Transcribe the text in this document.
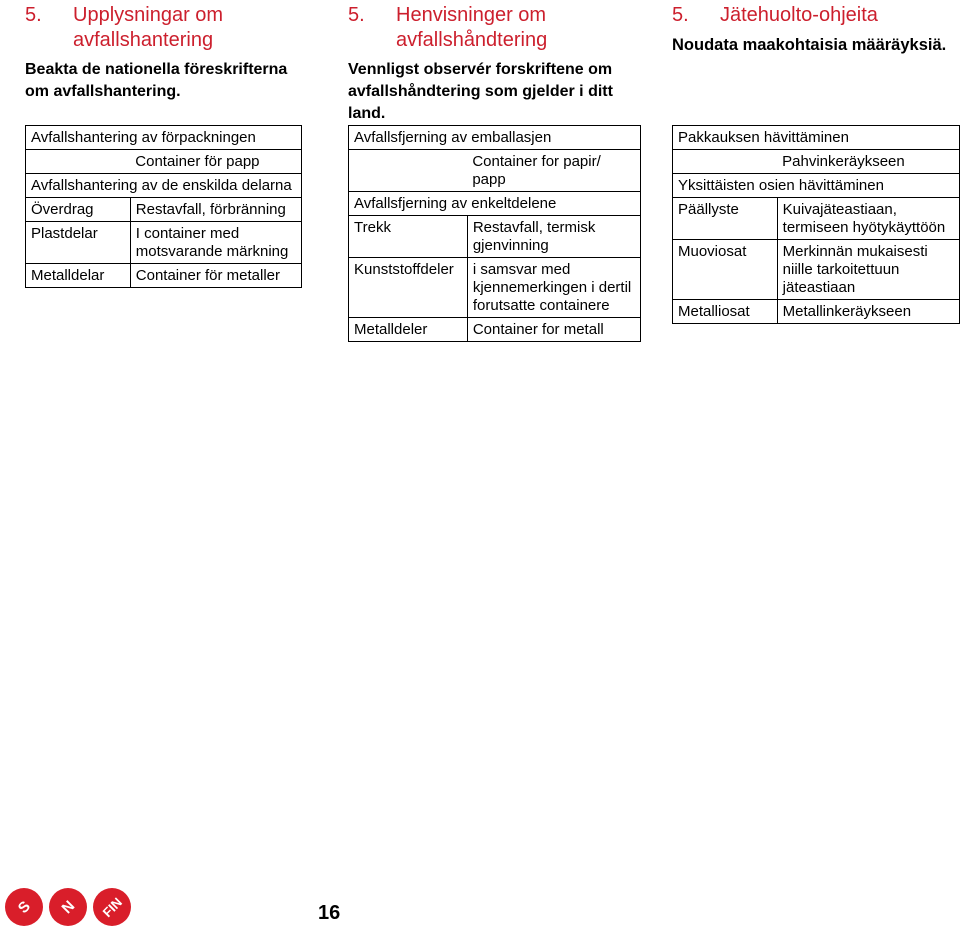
5. Upplysningar om
avfallshantering

Beakta de nationella föreskrifterna
om avfallshantering.

Avfallshantering av förpackningen	
	Container för papp
Avfallshantering av de enskilda delarna	
Överdrag	Restavfall, förbränning
Plastdelar	I container med motsvarande märkning
Metalldelar	Container för metaller
5. Henvisninger om
avfallshåndtering

Vennligst observér forskriftene om
avfallshåndtering som gjelder i ditt
land.

Avfallsfjerning av emballasjen	
	Container for papir/ papp
Avfallsfjerning av enkeltdelene	
Trekk	Restavfall, termisk gjenvinning
Kunststoffdeler	i samsvar med kjennemerkingen i dertil forutsatte containere
Metalldeler	Container for metall
5. Jätehuolto-ohjeita

Noudata maakohtaisia määräyksiä.

Pakkauksen hävittäminen	
	Pahvinkeräykseen
Yksittäisten osien hävittäminen	
Päällyste	Kuivajäteastiaan, termiseen hyötykäyttöön
Muoviosat	Merkinnän mukaisesti niille tarkoitettuun jäteastiaan
Metalliosat	Metallinkeräykseen
S	N	FIN	16
